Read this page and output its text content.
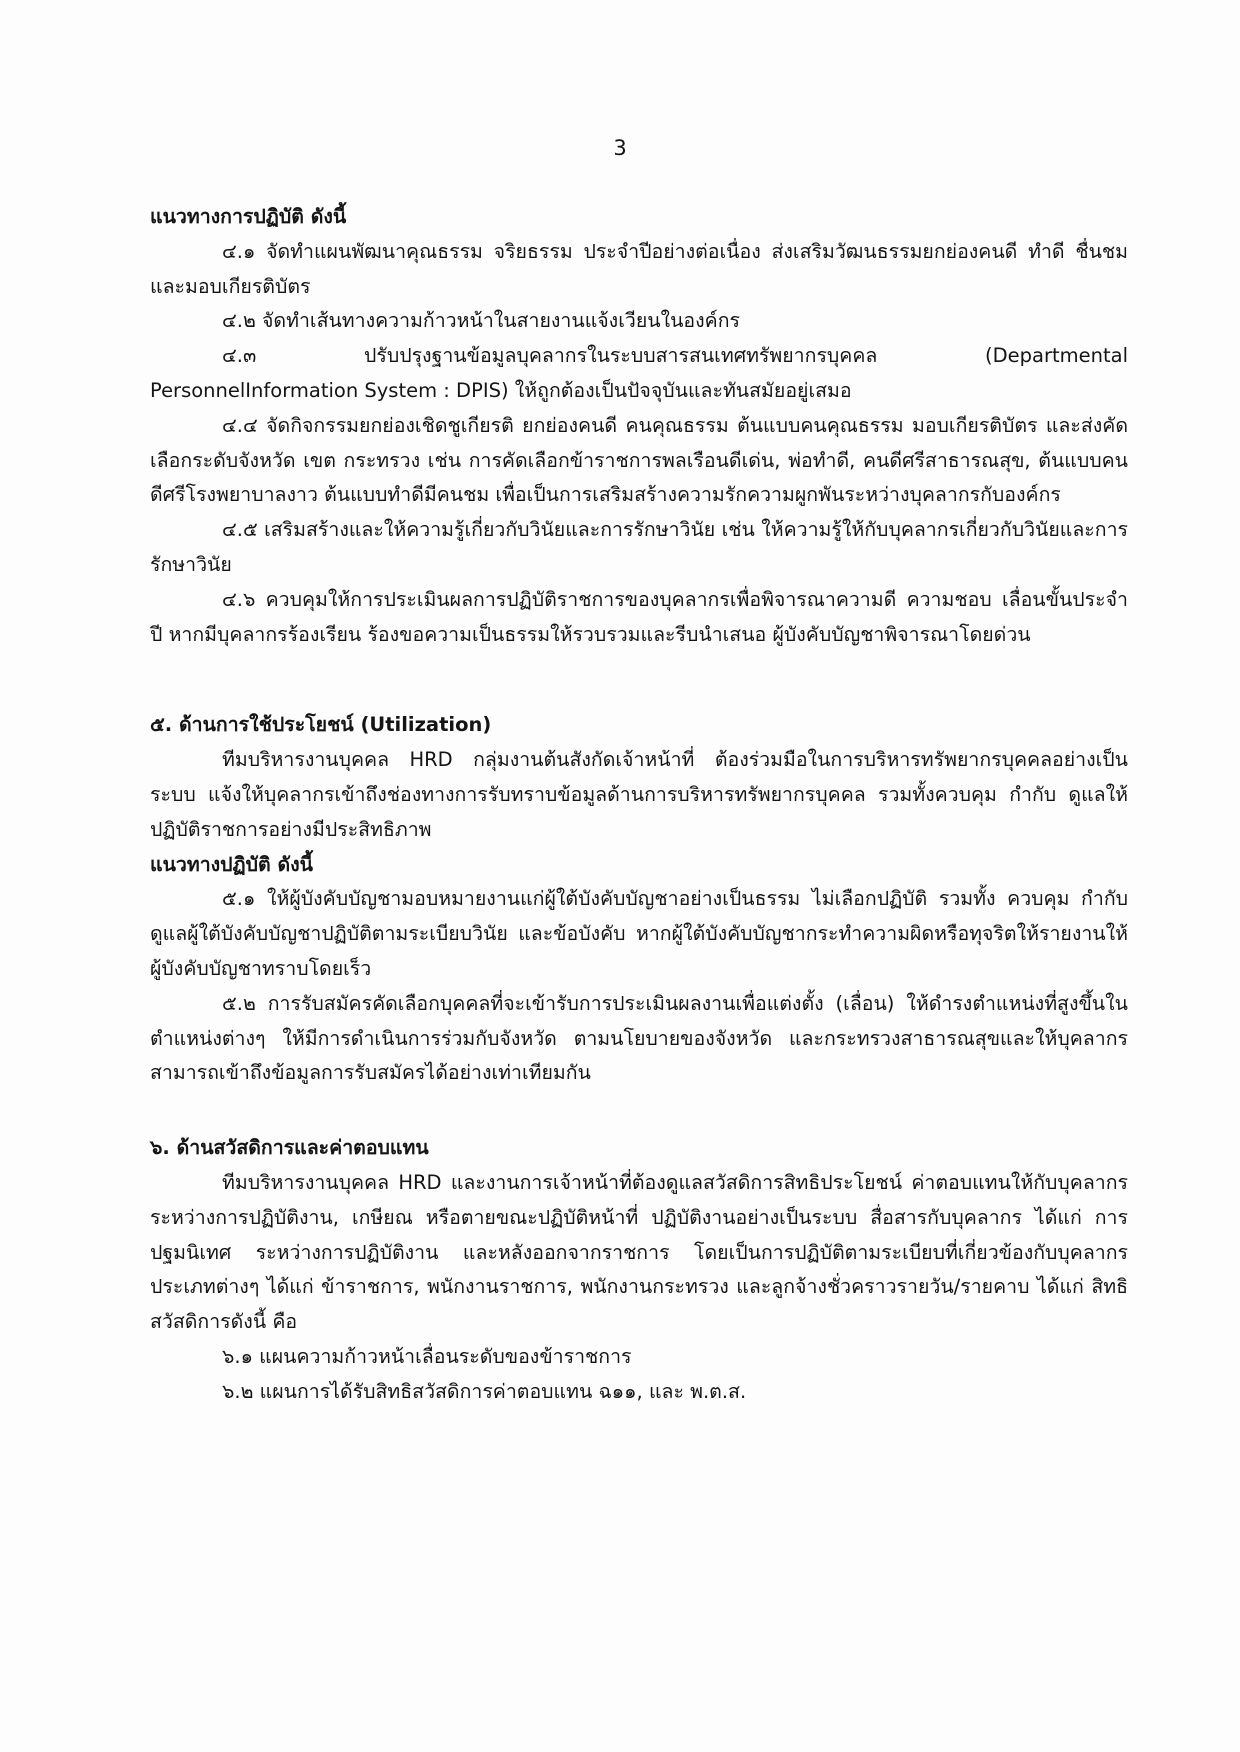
3

แนวทางการปฏิบัติ ดังนี้

๔.๑ จัดทำแผนพัฒนาคุณธรรม จริยธรรม ประจำปีอย่างต่อเนื่อง ส่งเสริมวัฒนธรรมยกย่องคนดี ทำดี ชื่นชม และมอบเกียรติบัตร

๔.๒ จัดทำเส้นทางความก้าวหน้าในสายงานแจ้งเวียนในองค์กร

๔.๓ ปรับปรุงฐานข้อมูลบุคลากรในระบบสารสนเทศทรัพยากรบุคคล (Departmental PersonnelInformation System : DPIS) ให้ถูกต้องเป็นปัจจุบันและทันสมัยอยู่เสมอ

๔.๔ จัดกิจกรรมยกย่องเชิดชูเกียรติ ยกย่องคนดี คนคุณธรรม ต้นแบบคนคุณธรรม มอบเกียรติบัตร และส่งคัดเลือกระดับจังหวัด เขต กระทรวง เช่น การคัดเลือกข้าราชการพลเรือนดีเด่น, พ่อทำดี, คนดีศรีสาธารณสุข, ต้นแบบคนดีศรีโรงพยาบาลงาว ต้นแบบทำดีมีคนชม เพื่อเป็นการเสริมสร้างความรักความผูกพันระหว่างบุคลากรกับองค์กร

๔.๕ เสริมสร้างและให้ความรู้เกี่ยวกับวินัยและการรักษาวินัย เช่น ให้ความรู้ให้กับบุคลากรเกี่ยวกับวินัยและการรักษาวินัย

๔.๖ ควบคุมให้การประเมินผลการปฏิบัติราชการของบุคลากรเพื่อพิจารณาความดี ความชอบ เลื่อนขั้นประจำปี หากมีบุคลากรร้องเรียน ร้องขอความเป็นธรรมให้รวบรวมและรีบนำเสนอ ผู้บังคับบัญชาพิจารณาโดยด่วน

๕. ด้านการใช้ประโยชน์ (Utilization)

ทีมบริหารงานบุคคล HRD กลุ่มงานต้นสังกัดเจ้าหน้าที่ ต้องร่วมมือในการบริหารทรัพยากรบุคคลอย่างเป็นระบบ แจ้งให้บุคลากรเข้าถึงช่องทางการรับทราบข้อมูลด้านการบริหารทรัพยากรบุคคล รวมทั้งควบคุม กำกับ ดูแลให้ปฏิบัติราชการอย่างมีประสิทธิภาพ

แนวทางปฏิบัติ ดังนี้

๕.๑ ให้ผู้บังคับบัญชามอบหมายงานแก่ผู้ใต้บังคับบัญชาอย่างเป็นธรรม ไม่เลือกปฏิบัติ รวมทั้ง ควบคุม กำกับ ดูแลผู้ใต้บังคับบัญชาปฏิบัติตามระเบียบวินัย และข้อบังคับ หากผู้ใต้บังคับบัญชากระทำความผิดหรือทุจริตให้รายงานให้ผู้บังคับบัญชาทราบโดยเร็ว

๕.๒ การรับสมัครคัดเลือกบุคคลที่จะเข้ารับการประเมินผลงานเพื่อแต่งตั้ง (เลื่อน) ให้ดำรงตำแหน่งที่สูงขึ้นในตำแหน่งต่างๆ ให้มีการดำเนินการร่วมกับจังหวัด ตามนโยบายของจังหวัด และกระทรวงสาธารณสุขและให้บุคลากรสามารถเข้าถึงข้อมูลการรับสมัครได้อย่างเท่าเทียมกัน

๖. ด้านสวัสดิการและค่าตอบแทน

ทีมบริหารงานบุคคล HRD และงานการเจ้าหน้าที่ต้องดูแลสวัสดิการสิทธิประโยชน์ ค่าตอบแทนให้กับบุคลากรระหว่างการปฏิบัติงาน, เกษียณ หรือตายขณะปฏิบัติหน้าที่ ปฏิบัติงานอย่างเป็นระบบ สื่อสารกับบุคลากร ได้แก่ การปฐมนิเทศ ระหว่างการปฏิบัติงาน และหลังออกจากราชการ โดยเป็นการปฏิบัติตามระเบียบที่เกี่ยวข้องกับบุคลากรประเภทต่างๆ ได้แก่ ข้าราชการ, พนักงานราชการ, พนักงานกระทรวง และลูกจ้างชั่วคราวรายวัน/รายคาบ ได้แก่ สิทธิสวัสดิการดังนี้ คือ

๖.๑ แผนความก้าวหน้าเลื่อนระดับของข้าราชการ

๖.๒ แผนการได้รับสิทธิสวัสดิการค่าตอบแทน ฉ๑๑, และ พ.ต.ส.
